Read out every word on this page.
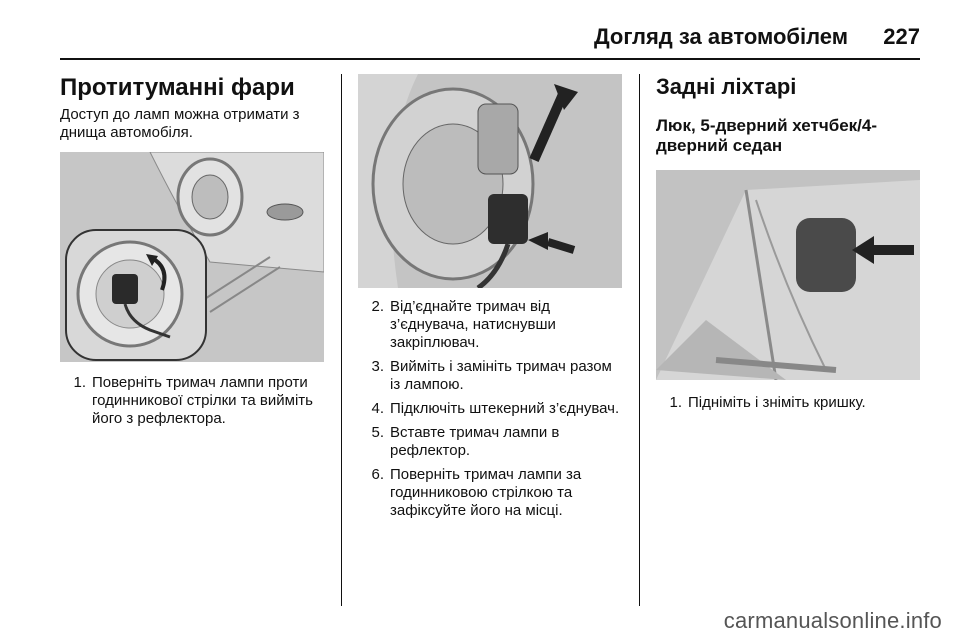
Догляд за автомобілем 227
Протитуманні фари

Доступ до ламп можна отримати з днища автомобіля.

1. Поверніть тримач лампи проти годинникової стрілки та вийміть його з рефлектора.
2. Від’єднайте тримач від з’єднувача, натиснувши закріплювач.
3. Вийміть і замініть тримач разом із лампою.
4. Підключіть штекерний з’єднувач.
5. Вставте тримач лампи в рефлектор.
6. Поверніть тримач лампи за годинниковою стрілкою та зафіксуйте його на місці.
Задні ліхтарі
Люк, 5-дверний хетчбек/4-дверний седан
1. Підніміть і зніміть кришку.
carmanualsonline.info
